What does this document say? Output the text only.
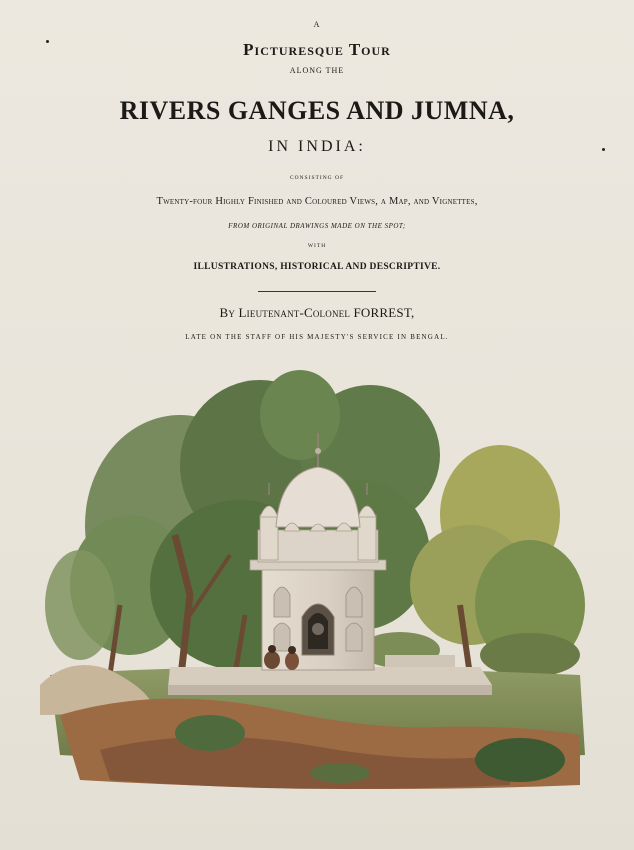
A
Picturesque Tour
ALONG THE
RIVERS GANGES AND JUMNA,
IN INDIA:
CONSISTING OF
Twenty-four Highly Finished and Coloured Views, a Map, and Vignettes,
FROM ORIGINAL DRAWINGS MADE ON THE SPOT;
WITH
ILLUSTRATIONS, HISTORICAL AND DESCRIPTIVE.
By Lieutenant-Colonel FORREST,
LATE ON THE STAFF OF HIS MAJESTY'S SERVICE IN BENGAL.
